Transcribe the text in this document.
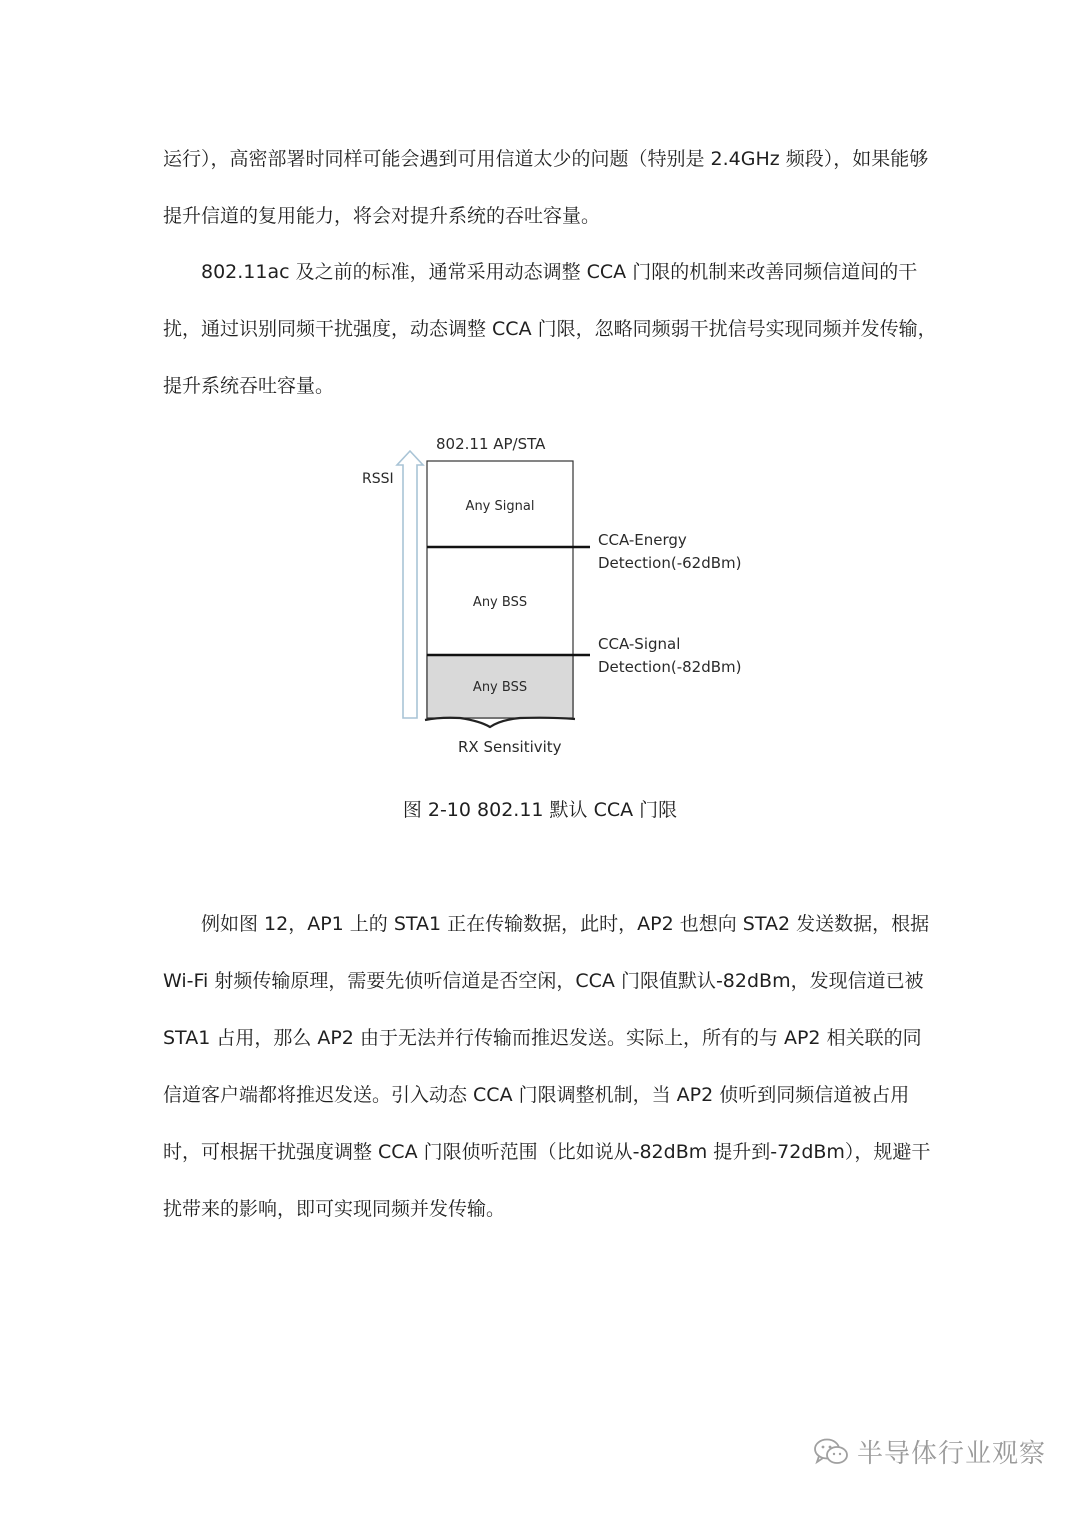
运行），高密部署时同样可能会遇到可用信道太少的问题（特别是 2.4GHz 频段），如果能够
提升信道的复用能力，将会对提升系统的吞吐容量。
802.11ac 及之前的标准，通常采用动态调整 CCA 门限的机制来改善同频信道间的干
扰，通过识别同频干扰强度，动态调整 CCA 门限，忽略同频弱干扰信号实现同频并发传输，
提升系统吞吐容量。
RSSI
802.11 AP/STA
Any Signal
Any BSS
Any BSS
CCA-Energy
Detection(-62dBm)
CCA-Signal
Detection(-82dBm)
RX Sensitivity
图 2-10 802.11 默认 CCA 门限
例如图 12，AP1 上的 STA1 正在传输数据，此时，AP2 也想向 STA2 发送数据，根据
Wi-Fi 射频传输原理，需要先侦听信道是否空闲，CCA 门限值默认-82dBm，发现信道已被
STA1 占用，那么 AP2 由于无法并行传输而推迟发送。实际上，所有的与 AP2 相关联的同
信道客户端都将推迟发送。引入动态 CCA 门限调整机制，当 AP2 侦听到同频信道被占用
时，可根据干扰强度调整 CCA 门限侦听范围（比如说从-82dBm 提升到-72dBm），规避干
扰带来的影响，即可实现同频并发传输。
半导体行业观察
